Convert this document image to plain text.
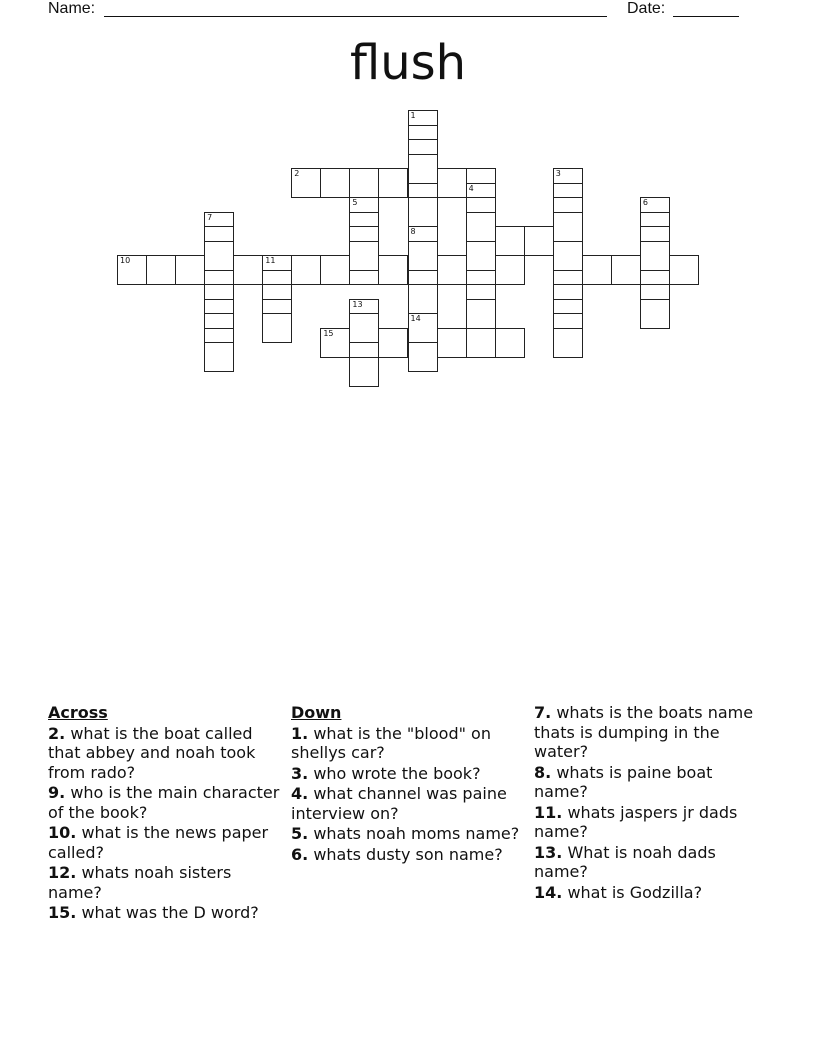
Name:	Date:
flush
2
10	11
15
1
3
4
5	6
7
8
13
14
Across
2. what is the boat called that abbey and noah took from rado?
9. who is the main character of the book?
10. what is the news paper called?
12. whats noah sisters name?
15. what was the D word?
Down
1. what is the "blood" on shellys car?
3. who wrote the book?
4. what channel was paine interview on?
5. whats noah moms name?
6. whats dusty son name?
7. whats is the boats name thats is dumping in the water?
8. whats is paine boat name?
11. whats jaspers jr dads name?
13. What is noah dads name?
14. what is Godzilla?
